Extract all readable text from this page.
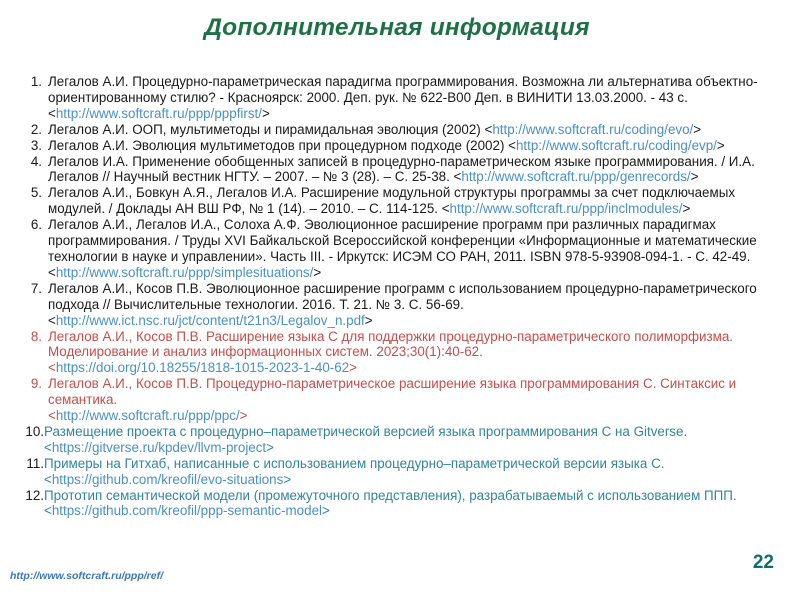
Дополнительная информация
1. Легалов А.И. Процедурно-параметрическая парадигма программирования. Возможна ли альтернатива объектно-ориентированному стилю? - Красноярск: 2000. Деп. рук. № 622-В00 Деп. в ВИНИТИ 13.03.2000. - 43 с.
<http://www.softcraft.ru/ppp/pppfirst/>
2. Легалов А.И. ООП, мультиметоды и пирамидальная эволюция (2002) <http://www.softcraft.ru/coding/evo/>
3. Легалов А.И. Эволюция мультиметодов при процедурном подходе (2002) <http://www.softcraft.ru/coding/evp/>
4. Легалов И.А. Применение обобщенных записей в процедурно-параметрическом языке программирования. / И.А. Легалов // Научный вестник НГТУ. – 2007. – № 3 (28). – С. 25-38. <http://www.softcraft.ru/ppp/genrecords/>
5. Легалов А.И., Бовкун А.Я., Легалов И.А. Расширение модульной структуры программы за счет подключаемых модулей. / Доклады АН ВШ РФ, № 1 (14). – 2010. – С. 114-125. <http://www.softcraft.ru/ppp/inclmodules/>
6. Легалов А.И., Легалов И.А., Солоха А.Ф. Эволюционное расширение программ при различных парадигмах программирования. / Труды XVI Байкальской Всероссийской конференции «Информационные и математические технологии в науке и управлении». Часть III. - Иркутск: ИСЭМ СО РАН, 2011. ISBN 978-5-93908-094-1. - С. 42-49.
<http://www.softcraft.ru/ppp/simplesituations/>
7. Легалов А.И., Косов П.В. Эволюционное расширение программ с использованием процедурно-параметрического подхода // Вычислительные технологии. 2016. Т. 21. № 3. С. 56-69.
<http://www.ict.nsc.ru/jct/content/t21n3/Legalov_n.pdf>
8. Легалов А.И., Косов П.В. Расширение языка C для поддержки процедурно-параметрического полиморфизма. Моделирование и анализ информационных систем. 2023;30(1):40-62.
<https://doi.org/10.18255/1818-1015-2023-1-40-62>
9. Легалов А.И., Косов П.В. Процедурно-параметрическое расширение языка программирования С. Синтаксис и семантика.
<http://www.softcraft.ru/ppp/ppc/>
10. Размещение проекта с процедурно–параметрической версией языка программирования C на Gitverse.
<https://gitverse.ru/kpdev/llvm-project>
11. Примеры на Гитхаб, написанные с использованием процедурно–параметрической версии языка C.
<https://github.com/kreofil/evo-situations>
12. Прототип семантической модели (промежуточного представления), разрабатываемый с использованием ППП.
<https://github.com/kreofil/ppp-semantic-model>
http://www.softcraft.ru/ppp/ref/
22
